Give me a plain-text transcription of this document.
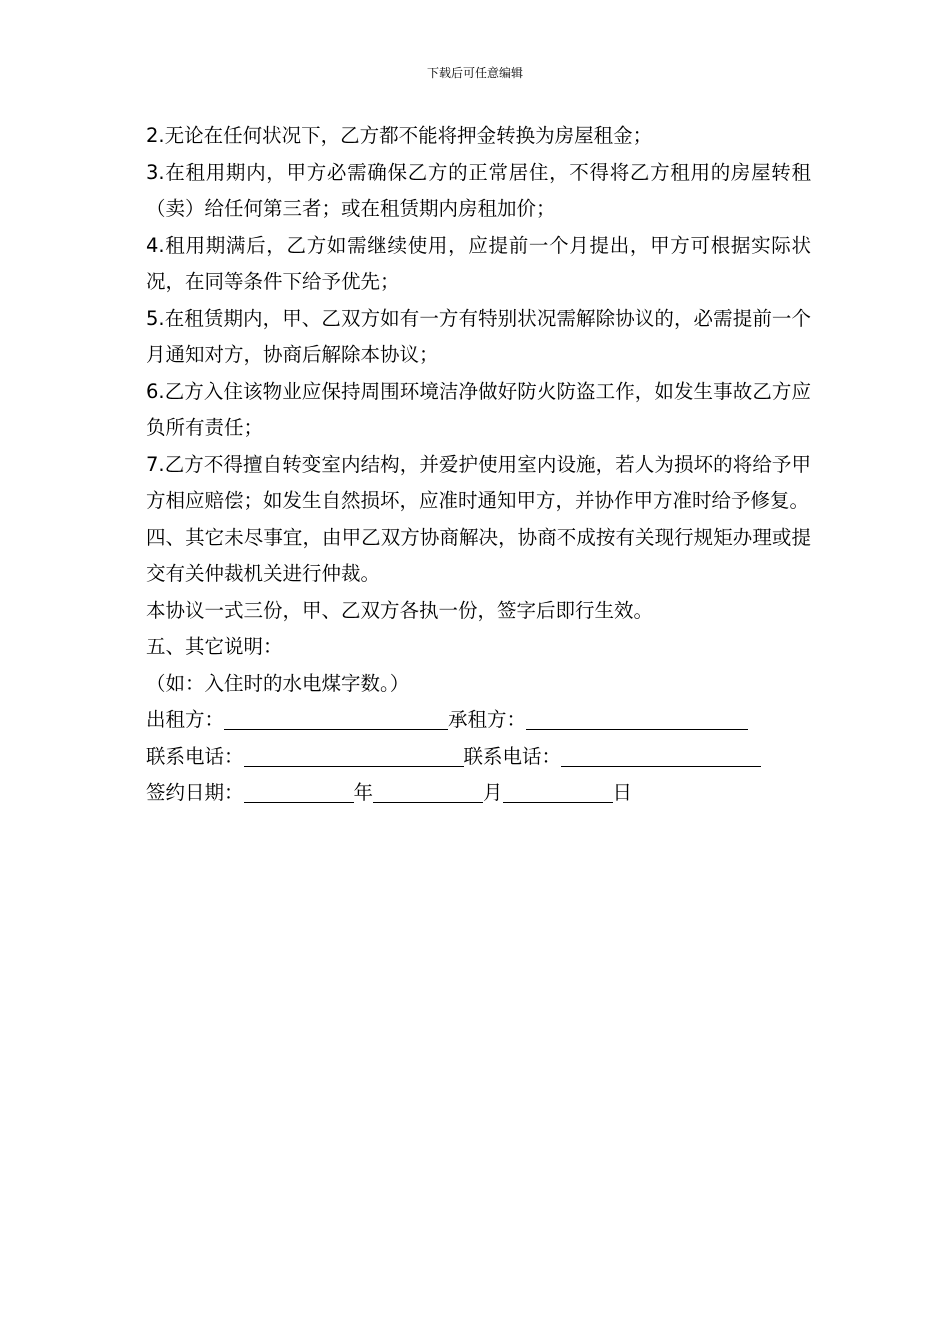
下载后可任意编辑

2.无论在任何状况下，乙方都不能将押金转换为房屋租金；

3.在租用期内，甲方必需确保乙方的正常居住，不得将乙方租用的房屋转租（卖）给任何第三者；或在租赁期内房租加价；

4.租用期满后，乙方如需继续使用，应提前一个月提出，甲方可根据实际状况，在同等条件下给予优先；

5.在租赁期内，甲、乙双方如有一方有特别状况需解除协议的，必需提前一个月通知对方，协商后解除本协议；

6.乙方入住该物业应保持周围环境洁净做好防火防盗工作，如发生事故乙方应负所有责任；

7.乙方不得擅自转变室内结构，并爱护使用室内设施，若人为损坏的将给予甲方相应赔偿；如发生自然损坏，应准时通知甲方，并协作甲方准时给予修复。

四、其它未尽事宜，由甲乙双方协商解决，协商不成按有关现行规矩办理或提交有关仲裁机关进行仲裁。

本协议一式三份，甲、乙双方各执一份，签字后即行生效。

五、其它说明：

（如：入住时的水电煤字数。）

出租方：	承租方：
联系电话：	联系电话：
签约日期：	年	月	日
